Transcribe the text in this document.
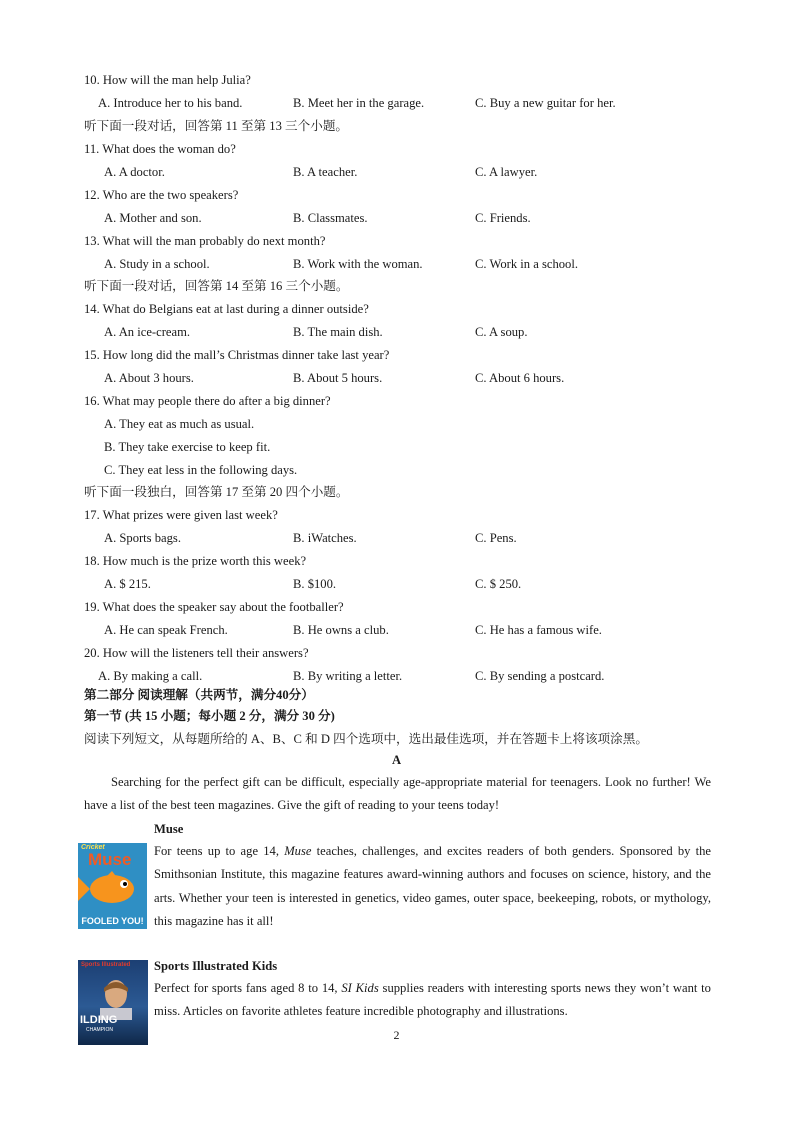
10. How will the man help Julia?
A. Introduce her to his band.	B. Meet her in the garage.	C. Buy a new guitar for her.
听下面一段对话，回答第 11 至第 13 三个小题。
11. What does the woman do?
A. A doctor.	B. A teacher.	C. A lawyer.
12. Who are the two speakers?
A. Mother and son.	B. Classmates.	C. Friends.
13. What will the man probably do next month?
A. Study in a school.	B. Work with the woman.	C. Work in a school.
听下面一段对话，回答第 14 至第 16 三个小题。
14. What do Belgians eat at last during a dinner outside?
A. An ice-cream.	B. The main dish.	C. A soup.
15. How long did the mall’s Christmas dinner take last year?
A. About 3 hours.	B. About 5 hours.	C. About 6 hours.
16. What may people there do after a big dinner?
A. They eat as much as usual.
B. They take exercise to keep fit.
C. They eat less in the following days.
听下面一段独白，回答第 17 至第 20 四个小题。
17. What prizes were given last week?
A. Sports bags.	B. iWatches.	C. Pens.
18. How much is the prize worth this week?
A. $ 215.	B. $100.	C. $ 250.
19. What does the speaker say about the footballer?
A. He can speak French.	B. He owns a club.	C. He has a famous wife.
20. How will the listeners tell their answers?
A. By making a call.	B. By writing a letter.	C. By sending a postcard.
第二部分 阅读理解（共两节，满分40分）
第一节 (共 15 小题；每小题 2 分，满分 30 分)
阅读下列短文，从每题所给的 A、B、C 和 D 四个选项中，选出最佳选项，并在答题卡上将该项涂黑。
A
Searching for the perfect gift can be difficult, especially age-appropriate material for teenagers. Look no further! We have a list of the best teen magazines. Give the gift of reading to your teens today!
Muse
Cricket
Muse
FOOLED YOU!
For teens up to age 14, Muse teaches, challenges, and excites readers of both genders. Sponsored by the Smithsonian Institute, this magazine features award-winning authors and focuses on science, history, and the arts. Whether your teen is interested in genetics, video games, outer space, beekeeping, robots, or mythology, this magazine has it all!
Sports Illustrated Kids
Sports Illustrated
ILDING
CHAMPION
Perfect for sports fans aged 8 to 14, SI Kids supplies readers with interesting sports news they won’t want to miss. Articles on favorite athletes feature incredible photography and illustrations.
2
